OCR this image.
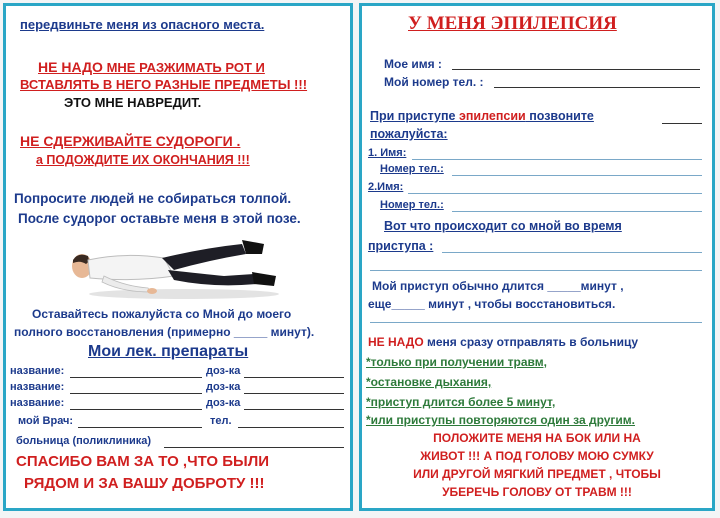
передвиньте меня из опасного места.
НЕ НАДО МНЕ РАЗЖИМАТЬ РОТ И
ВСТАВЛЯТЬ В НЕГО РАЗНЫЕ ПРЕДМЕТЫ !!!
ЭТО МНЕ НАВРЕДИТ.
НЕ СДЕРЖИВАЙТЕ СУДОРОГИ .
а ПОДОЖДИТЕ ИХ ОКОНЧАНИЯ !!!
Попросите людей не собираться толпой.
После судорог оставьте меня в этой позе.
Оставайтесь пожалуйста со Мной до моего
полного восстановления (примерно _____ минут).
Мои лек. препараты
название:	доз-ка
название:	доз-ка
название:	доз-ка
мой Врач:	тел.
больница (поликлиника)
СПАСИБО ВАМ ЗА ТО ,ЧТО БЫЛИ
РЯДОМ И ЗА ВАШУ ДОБРОТУ !!!
У МЕНЯ ЭПИЛЕПСИЯ
Мое имя :
Мой номер тел. :
При приступе эпилепсии позвоните
пожалуйста:
1. Имя:
Номер тел.:
2.Имя:
Номер тел.:
Вот что происходит со мной во время
приступа :
Мой приступ обычно длится _____минут ,
еще_____ минут , чтобы восстановиться.
НЕ НАДО меня сразу отправлять в больницу
*только при получении травм,
*остановке дыхания,
*приступ длится более 5 минут,
*или приступы повторяются один за другим.
ПОЛОЖИТЕ МЕНЯ НА БОК ИЛИ НА
ЖИВОТ !!! А ПОД ГОЛОВУ МОЮ СУМКУ
ИЛИ ДРУГОЙ МЯГКИЙ ПРЕДМЕТ , ЧТОБЫ
УБЕРЕЧЬ ГОЛОВУ ОТ ТРАВМ !!!
